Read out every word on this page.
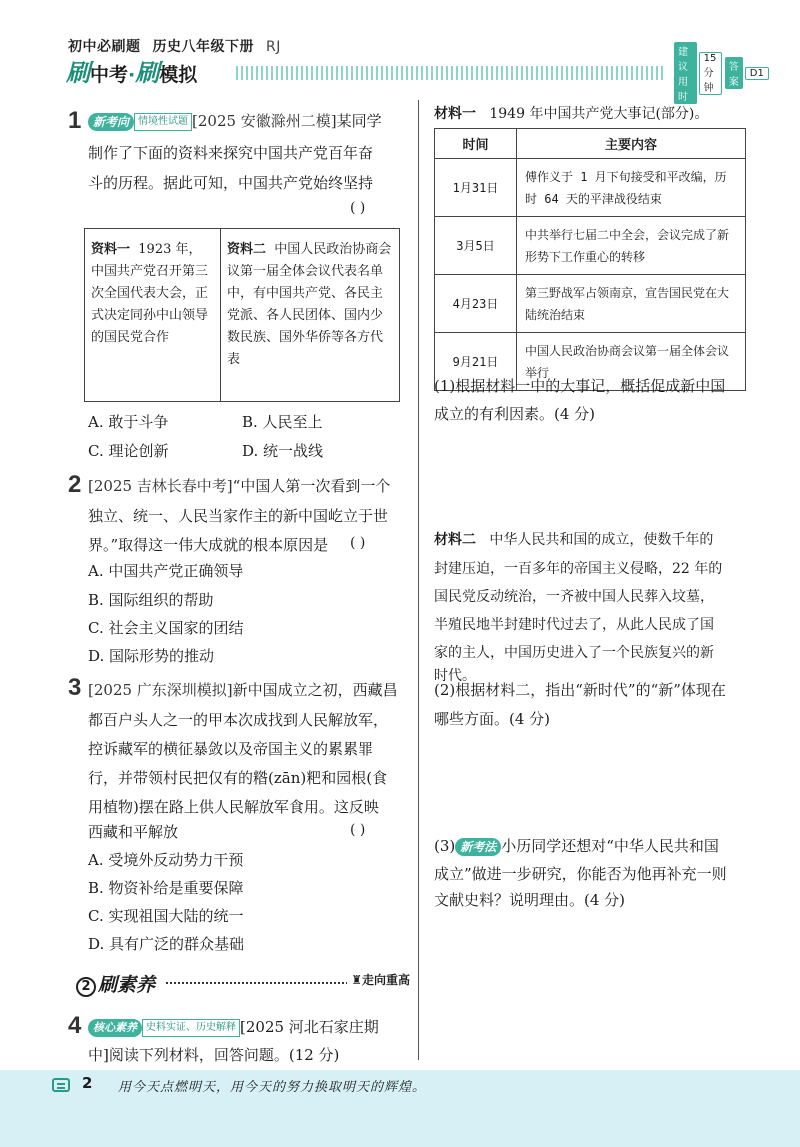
初中必刷题 历史八年级下册 RJ
刷中考·刷模拟
建议用时
15 分钟
答案
D1
1 新考向 情境性试题 [2025 安徽滁州二模]某同学
制作了下面的资料来探究中国共产党百年奋
斗的历程。据此可知，中国共产党始终坚持
( )
资料一 1923 年，中国共产党召开第三次全国代表大会，正式决定同孙中山领导的国民党合作
资料二 中国人民政治协商会议第一届全体会议代表名单中，有中国共产党、各民主党派、各人民团体、国内少数民族、国外华侨等各方代表
A. 敢于斗争	B. 人民至上
C. 理论创新	D. 统一战线
2 [2025 吉林长春中考]“中国人第一次看到一个
独立、统一、人民当家作主的新中国屹立于世
界。”取得这一伟大成就的根本原因是 ( )
A. 中国共产党正确领导
B. 国际组织的帮助
C. 社会主义国家的团结
D. 国际形势的推动
3 [2025 广东深圳模拟]新中国成立之初，西藏昌
都百户头人之一的甲本次成找到人民解放军，
控诉藏军的横征暴敛以及帝国主义的累累罪
行，并带领村民把仅有的糌(zān)粑和园根(食
用植物)摆在路上供人民解放军食用。这反映
西藏和平解放	( )
A. 受境外反动势力干预
B. 物资补给是重要保障
C. 实现祖国大陆的统一
D. 具有广泛的群众基础
2 刷素养	♜走向重高
4	核心素养 史料实证、历史解释 [2025 河北石家庄期
中]阅读下列材料，回答问题。(12 分)
材料一 1949 年中国共产党大事记(部分)。
时间	主要内容
1月31日	傅作义于 1 月下旬接受和平改编，历时 64 天的平津战役结束
3月5日	中共举行七届二中全会，会议完成了新形势下工作重心的转移
4月23日	第三野战军占领南京，宣告国民党在大陆统治结束
9月21日	中国人民政治协商会议第一届全体会议举行
(1)根据材料一中的大事记，概括促成新中国
成立的有利因素。(4 分)
材料二 中华人民共和国的成立，使数千年的
封建压迫，一百多年的帝国主义侵略，22 年的
国民党反动统治，一齐被中国人民葬入坟墓，
半殖民地半封建时代过去了，从此人民成了国
家的主人，中国历史进入了一个民族复兴的新
时代。
(2)根据材料二，指出“新时代”的“新”体现在
哪些方面。(4 分)
(3) 新考法 小历同学还想对“中华人民共和国
成立”做进一步研究，你能否为他再补充一则
文献史料？说明理由。(4 分)
2 用今天点燃明天，用今天的努力换取明天的辉煌。
